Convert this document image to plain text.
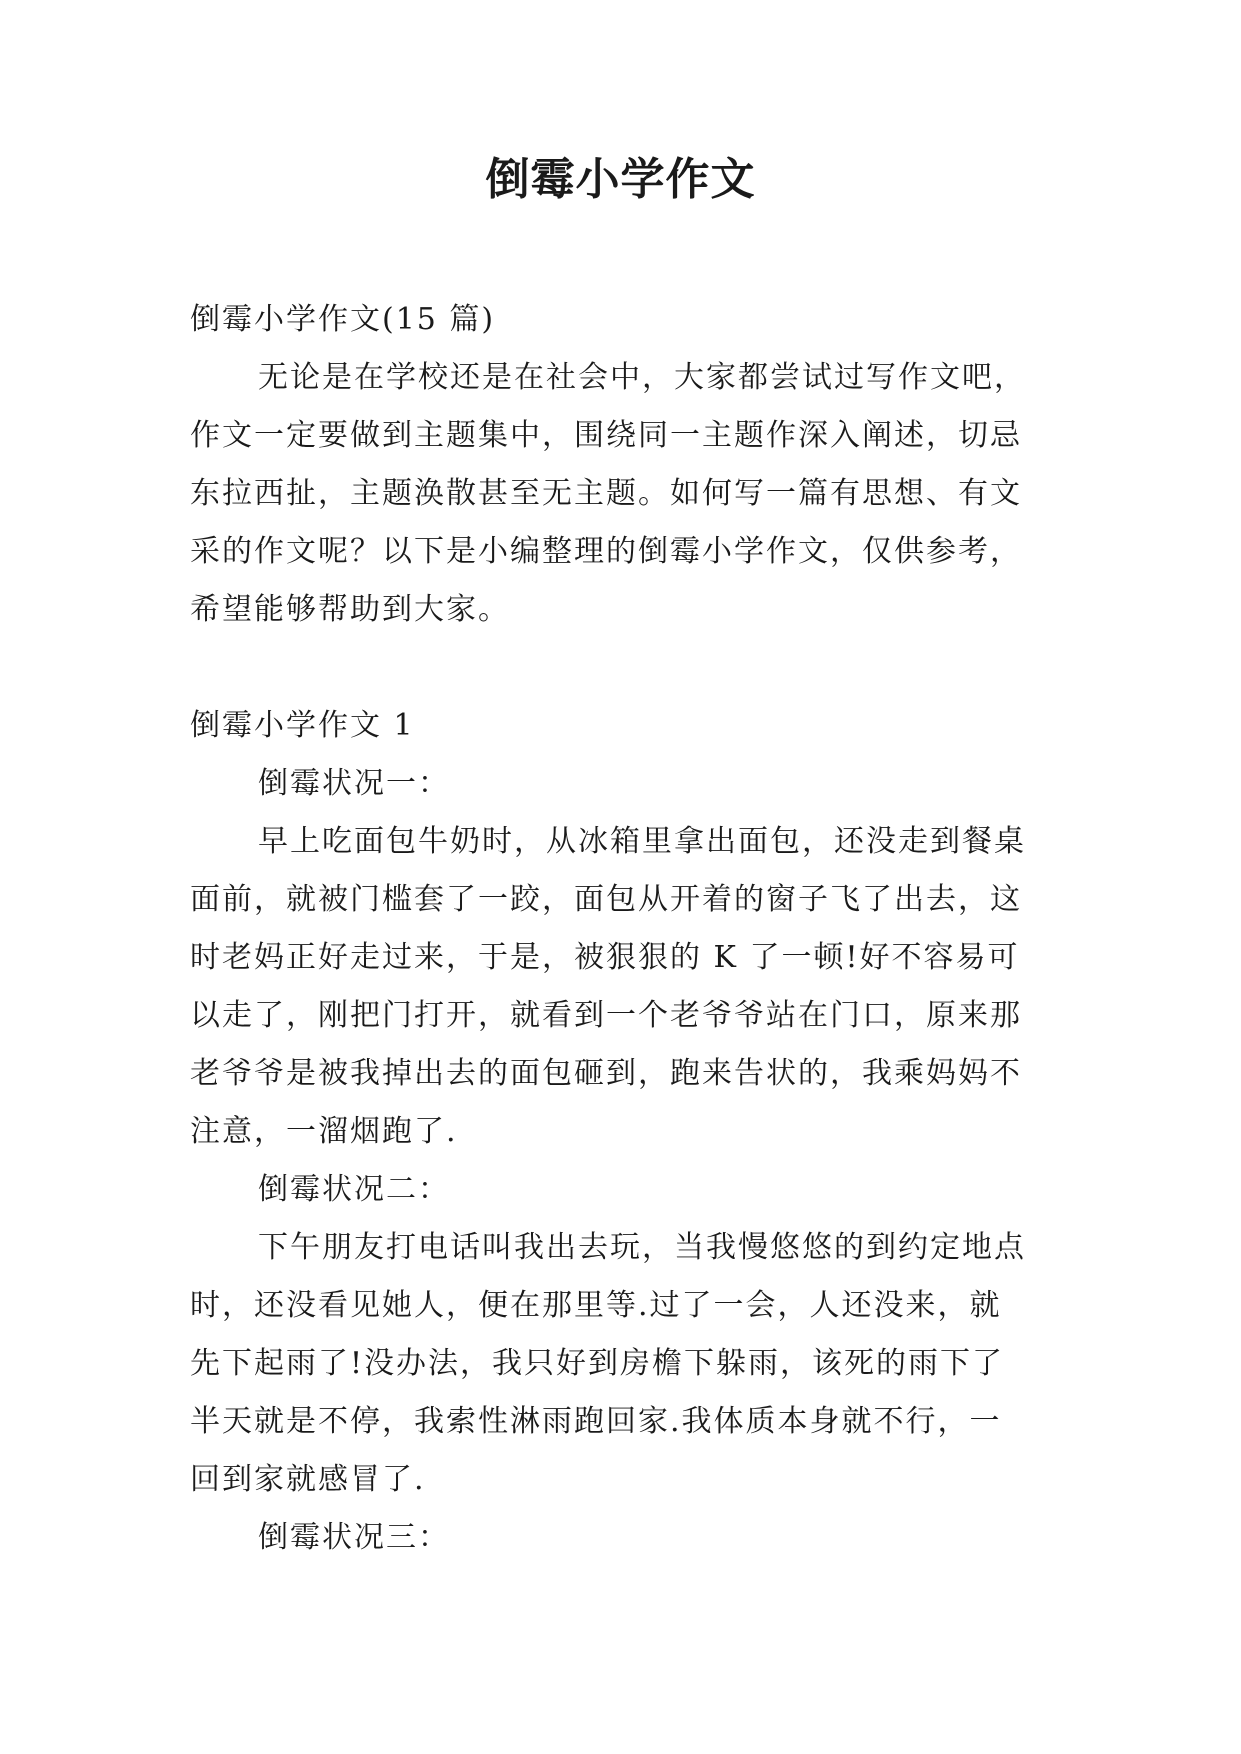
倒霉小学作文
倒霉小学作文(15 篇)
无论是在学校还是在社会中，大家都尝试过写作文吧，
作文一定要做到主题集中，围绕同一主题作深入阐述，切忌
东拉西扯，主题涣散甚至无主题。如何写一篇有思想、有文
采的作文呢？以下是小编整理的倒霉小学作文，仅供参考，
希望能够帮助到大家。
倒霉小学作文 1
倒霉状况一：
早上吃面包牛奶时，从冰箱里拿出面包，还没走到餐桌
面前，就被门槛套了一跤，面包从开着的窗子飞了出去，这
时老妈正好走过来，于是，被狠狠的 K 了一顿!好不容易可
以走了，刚把门打开，就看到一个老爷爷站在门口，原来那
老爷爷是被我掉出去的面包砸到，跑来告状的，我乘妈妈不
注意，一溜烟跑了.
倒霉状况二：
下午朋友打电话叫我出去玩，当我慢悠悠的到约定地点
时，还没看见她人，便在那里等.过了一会，人还没来，就
先下起雨了!没办法，我只好到房檐下躲雨，该死的雨下了
半天就是不停，我索性淋雨跑回家.我体质本身就不行，一
回到家就感冒了.
倒霉状况三：
